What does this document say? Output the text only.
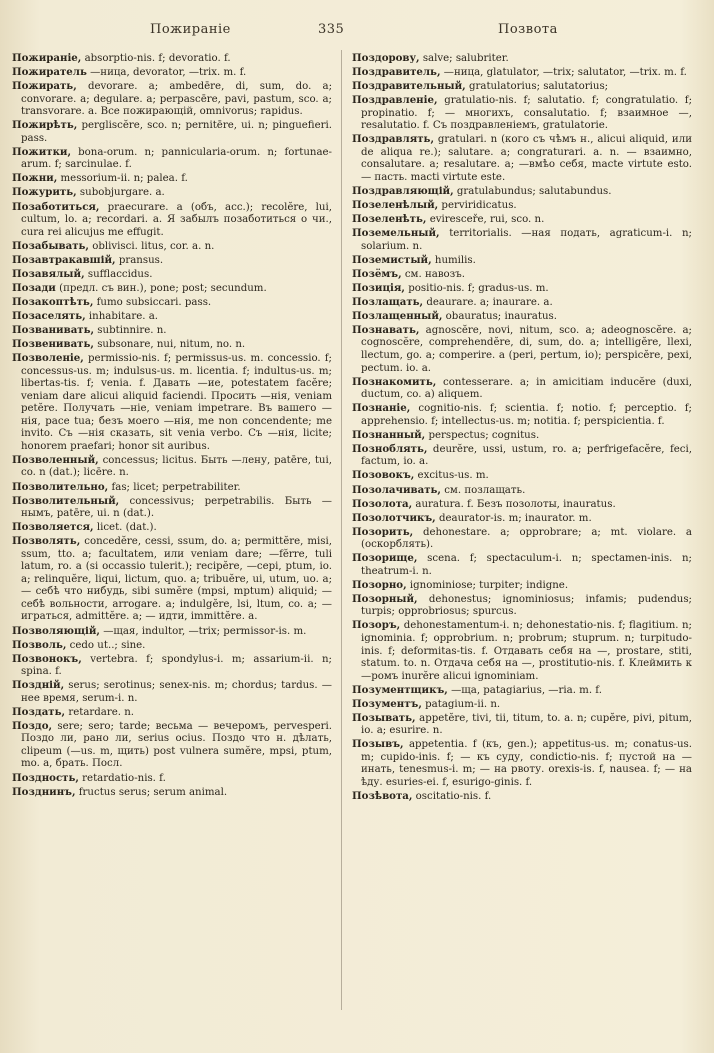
Пожиранie	335	Позвота

Пожиранie, absorptio-nis. f; devoratio. f.

Пожиратель —ница, devorator, —trix. m. f.

Пожирать, devorare. a; ambedēre, di, sum, do. a; convorare. a; degulare. a; perpascēre, pavi, pastum, sco. a; transvorare. a. Все пожирающій, omnivorus; rapidus.

Пожирѣть, pergliscĕre, sco. n; pernitēre, ui. n; pinguefieri. pass.

Пожитки, bona-orum. n; pannicularia-orum. n; fortunae-arum. f; sarcinulae. f.

Пожни, messorium-ii. n; palea. f.

Пожурить, subobjurgare. a.

Позаботиться, praecurare. a (объ, acc.); recolĕre, lui, cultum, lo. a; recordari. a. Я забылъ позаботиться о чи., cura rei alicujus me effugit.

Позабывать, oblivisci. litus, cor. a. n.

Позавтракавшій, pransus.

Позавялый, sufflaccidus.

Позади (предл. съ вин.), pone; post; secundum.

Позакоптѣть, fumo subsiccari. pass.

Позаселять, inhabitare. a.

Позванивать, subtinnire. n.

Позвенивать, subsonare, nui, nitum, no. n.

Позволенie, permissio-nis. f; permissus-us. m. concessio. f; concessus-us. m; indulsus-us. m. licentia. f; indultus-us. m; libertas-tis. f; venia. f. Давать —иe, potestatem facĕre; veniam dare alicui aliquid faciendi. Просить —нiя, veniam petĕre. Получать —нiе, veniam impetrare. Въ вашего —нiя, pace tua; безъ моего —нiя, me non concendente; me invito. Съ —нiя сказать, sit venia verbo. Съ —нiя, licite; honorem praefari; honor sit auribus.

Позволенный, concessus; licitus. Быть —лену, patēre, tui, co. n (dat.); licēre. n.

Позволительно, fas; licet; perpetrabiliter.

Позволительный, concessivus; perpetrabilis. Быть —нымъ, patēre, ui. n (dat.).

Позволяется, licet. (dat.).

Позволять, concedĕre, cessi, ssum, do. a; permittĕre, misi, ssum, tto. a; facultatem, или veniam dare; —fĕrre, tuli latum, ro. a (si occassio tulerit.); recipĕre, —cepi, ptum, io. a; relinquĕre, liqui, lictum, quo. a; tribuĕre, ui, utum, uo. a; — себѣ что нибудь, sibi sumĕre (mpsi, mptum) aliquid; — себѣ вольности, arrogare. a; indulgĕre, lsi, ltum, co. a; — играться, admittĕre. a; — идти, immittĕre. a.

Позволяющій, —щая, indultor, —trix; permissor-is. m.

Позволь, cedo ut..; sine.

Позвонокъ, vertebra. f; spondylus-i. m; assarium-ii. n; spina. f.

Поздній, serus; serotinus; senex-nis. m; chordus; tardus. —нее время, serum-i. n.

Поздать, retardare. n.

Поздо, sere; sero; tarde; весьма — вечеромъ, pervesperi. Поздо ли, рано ли, serius ocius. Поздо что н. дѣлать, clipeum (—us. m, щить) post vulnera sumĕre, mpsi, ptum, mo. a, брать. Посл.

Поздность, retardatio-nis. f.

Позднинъ, fructus serus; serum animal.

Поздорову, salve; salubriter.

Поздравитель, —ница, glatulator, —trix; salutator, —trix. m. f.

Поздравительный, gratulatorius; salutatorius;

Поздравленie, gratulatio-nis. f; salutatio. f; congratulatio. f; propinatio. f; — многихъ, consalutatio. f; взаимное —, resalutatio. f. Съ поздравленiемъ, gratulatorie.

Поздравлять, gratulari. n (кого съ чѣмъ н., alicui aliquid, или de aliqua re.); salutare. a; congraturari. a. n. — взаимно, consalutare. a; resalutare. a; —вмѣо себя, macte virtute esto. — пасть. macti virtute este.

Поздравляющій, gratulabundus; salutabundus.

Позеленѣлый, perviridicatus.

Позеленѣть, eviresceře, rui, sco. n.

Поземельный, territorialis. —ная подать, agraticum-i. n; solarium. n.

Поземистый, humilis.

Позёмъ, см. навозъ.

Позицiя, positio-nis. f; gradus-us. m.

Позлащать, deaurare. a; inaurare. a.

Позлащенный, obauratus; inauratus.

Познавать, agnoscĕre, novi, nitum, sco. a; adeognoscĕre. a; cognoscĕre, comprehendĕre, di, sum, do. a; intelligĕre, llexi, llectum, go. a; comperire. a (peri, pertum, io); perspicĕre, pexi, pectum. io. a.

Познакомить, contesserare. a; in amicitiam inducĕre (duxi, ductum, co. a) aliquem.

Познанie, cognitio-nis. f; scientia. f; notio. f; perceptio. f; apprehensio. f; intellectus-us. m; notitia. f; perspicientia. f.

Познанный, perspectus; cognitus.

Позноблять, deurĕre, ussi, ustum, ro. a; perfrigefacĕre, feci, factum, io. a.

Позовокъ, excitus-us. m.

Позолачивать, см. позлащать.

Позолота, auratura. f. Безъ позолоты, inauratus.

Позолотчикъ, deaurator-is. m; inaurator. m.

Позорить, dehonestare. a; opprobrare; a; mt. violare. a (оскорблять).

Позорище, scena. f; spectaculum-i. n; spectamen-inis. n; theatrum-i. n.

Позорно, ignominiose; turpiter; indigne.

Позорный, dehonestus; ignominiosus; infamis; pudendus; turpis; opprobriosus; spurcus.

Позоръ, dehonestamentum-i. n; dehonestatio-nis. f; flagitium. n; ignominia. f; opprobrium. n; probrum; stuprum. n; turpitudo-inis. f; deformitas-tis. f. Отдавать себя на —, prostare, stiti, statum. to. n. Отдача себя на —, prostitutio-nis. f. Клеймить к —ромъ inurĕre alicui ignominiam.

Позументщикъ, —ща, patagiarius, —ria. m. f.

Позументъ, patagium-ii. n.

Позывать, appetĕre, tivi, tii, titum, to. a. n; cupĕre, pivi, pitum, io. a; esurire. n.

Позывъ, appetentia. f (къ, gen.); appetitus-us. m; conatus-us. m; cupido-inis. f; — къ суду, condictio-nis. f; пустой на — инать, tenesmus-i. m; — на рвоту. orexis-is. f, nausea. f; — на ѣду. esuries-ei. f, esurigo-ginis. f.

Позѣвота, oscitatio-nis. f.
